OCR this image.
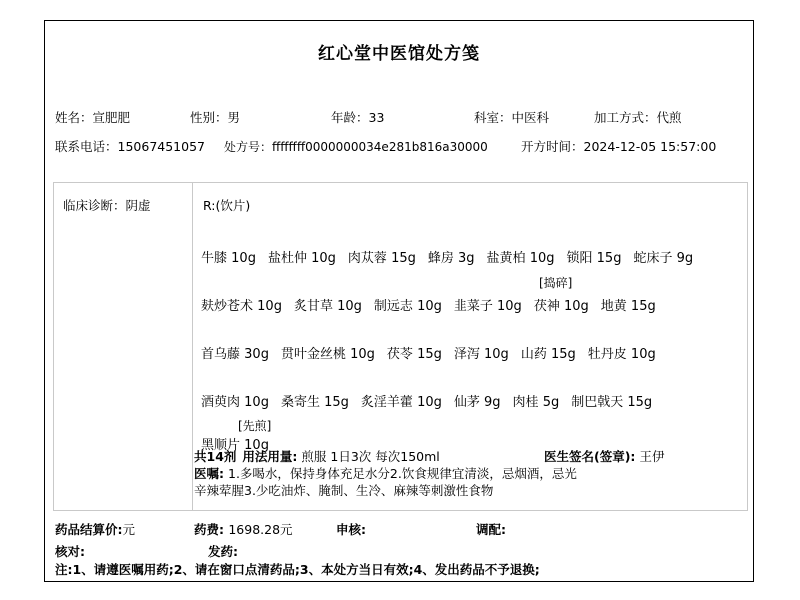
红心堂中医馆处方笺
姓名：宣肥肥	性别：男	年龄：33	科室：中医科	加工方式：代煎
联系电话：15067451057 处方号：ffffffff0000000034e281b816a30000	开方时间：2024-12-05 15:57:00
临床诊断：阴虚	R:(饮片)
牛膝 10g 盐杜仲 10g 肉苁蓉 15g 蜂房 3g 盐黄柏 10g 锁阳 15g 蛇床子 9g
[捣碎]
麸炒苍术 10g 炙甘草 10g 制远志 10g 韭菜子 10g 茯神 10g 地黄 15g
首乌藤 30g 贯叶金丝桃 10g 茯苓 15g 泽泻 10g 山药 15g 牡丹皮 10g
酒萸肉 10g 桑寄生 15g 炙淫羊藿 10g 仙茅 9g 肉桂 5g 制巴戟天 15g
[先煎]
黑顺片 10g
共14剂 用法用量: 煎服 1日3次 每次150ml	医生签名(签章): 王伊
医嘱: 1.多喝水，保持身体充足水分2.饮食规律宜清淡，忌烟酒，忌光
辛辣荤腥3.少吃油炸、腌制、生冷、麻辣等刺激性食物
药品结算价:元	药费: 1698.28元	申核:	调配:
核对:	发药:
注:1、请遵医嘱用药;2、请在窗口点清药品;3、本处方当日有效;4、发出药品不予退换;
